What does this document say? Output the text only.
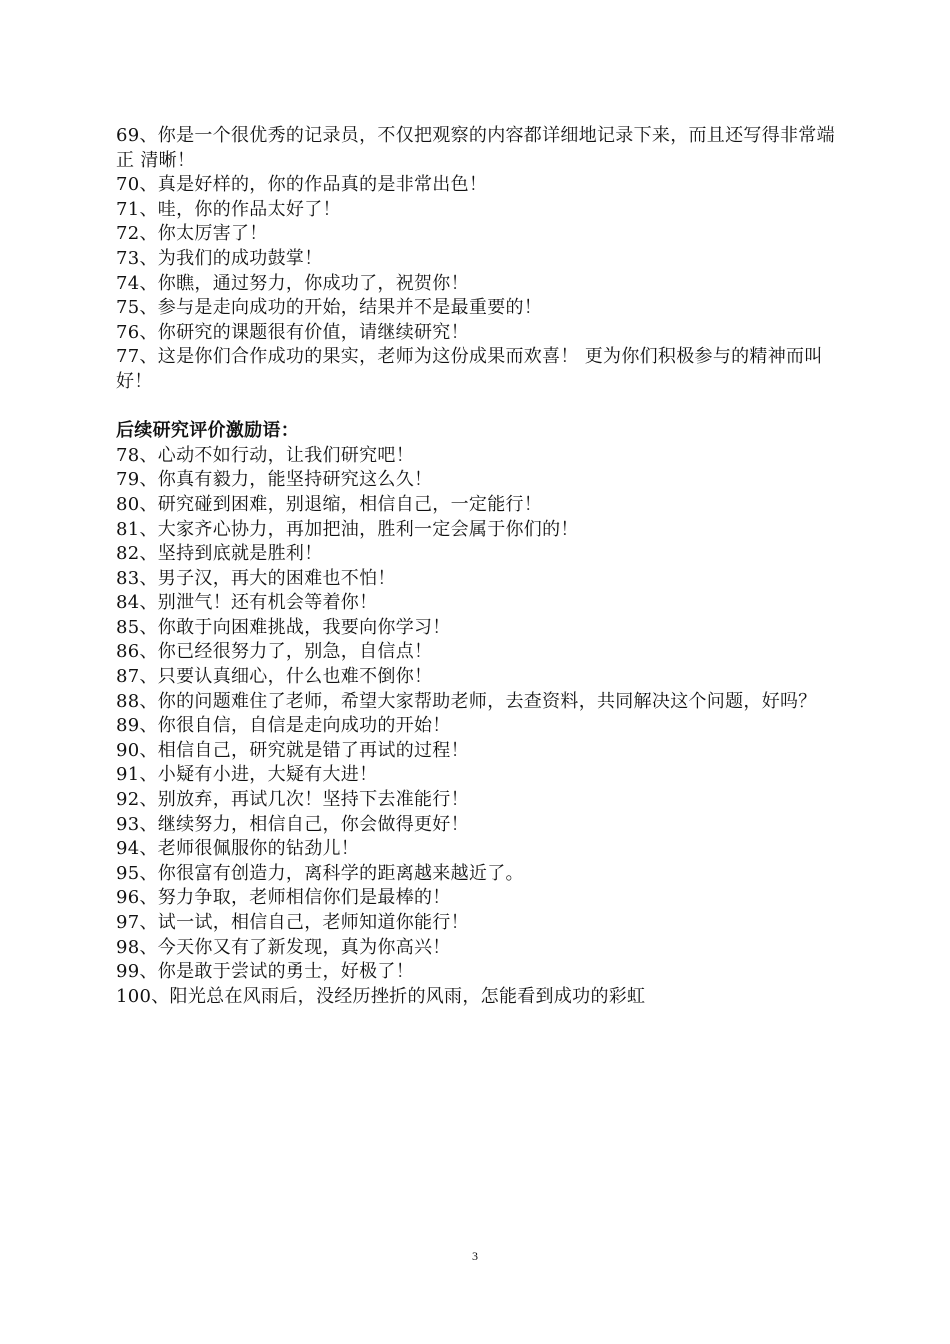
69、你是一个很优秀的记录员，不仅把观察的内容都详细地记录下来，而且还写得非常端正 清晰！
70、真是好样的，你的作品真的是非常出色！
71、哇，你的作品太好了！
72、你太厉害了！
73、为我们的成功鼓掌！
74、你瞧，通过努力，你成功了，祝贺你！
75、参与是走向成功的开始，结果并不是最重要的！
76、你研究的课题很有价值，请继续研究！
77、这是你们合作成功的果实，老师为这份成果而欢喜！ 更为你们积极参与的精神而叫好！
后续研究评价激励语：
78、心动不如行动，让我们研究吧！
79、你真有毅力，能坚持研究这么久！
80、研究碰到困难，别退缩，相信自己，一定能行！
81、大家齐心协力，再加把油，胜利一定会属于你们的！
82、坚持到底就是胜利！
83、男子汉，再大的困难也不怕！
84、别泄气！还有机会等着你！
85、你敢于向困难挑战，我要向你学习！
86、你已经很努力了，别急，自信点！
87、只要认真细心，什么也难不倒你！
88、你的问题难住了老师，希望大家帮助老师，去查资料，共同解决这个问题，好吗？
89、你很自信，自信是走向成功的开始！
90、相信自己，研究就是错了再试的过程！
91、小疑有小进，大疑有大进！
92、别放弃，再试几次！坚持下去准能行！
93、继续努力，相信自己，你会做得更好！
94、老师很佩服你的钻劲儿！
95、你很富有创造力，离科学的距离越来越近了。
96、努力争取，老师相信你们是最棒的！
97、试一试，相信自己，老师知道你能行！
98、今天你又有了新发现，真为你高兴！
99、你是敢于尝试的勇士，好极了！
100、阳光总在风雨后，没经历挫折的风雨，怎能看到成功的彩虹
3
